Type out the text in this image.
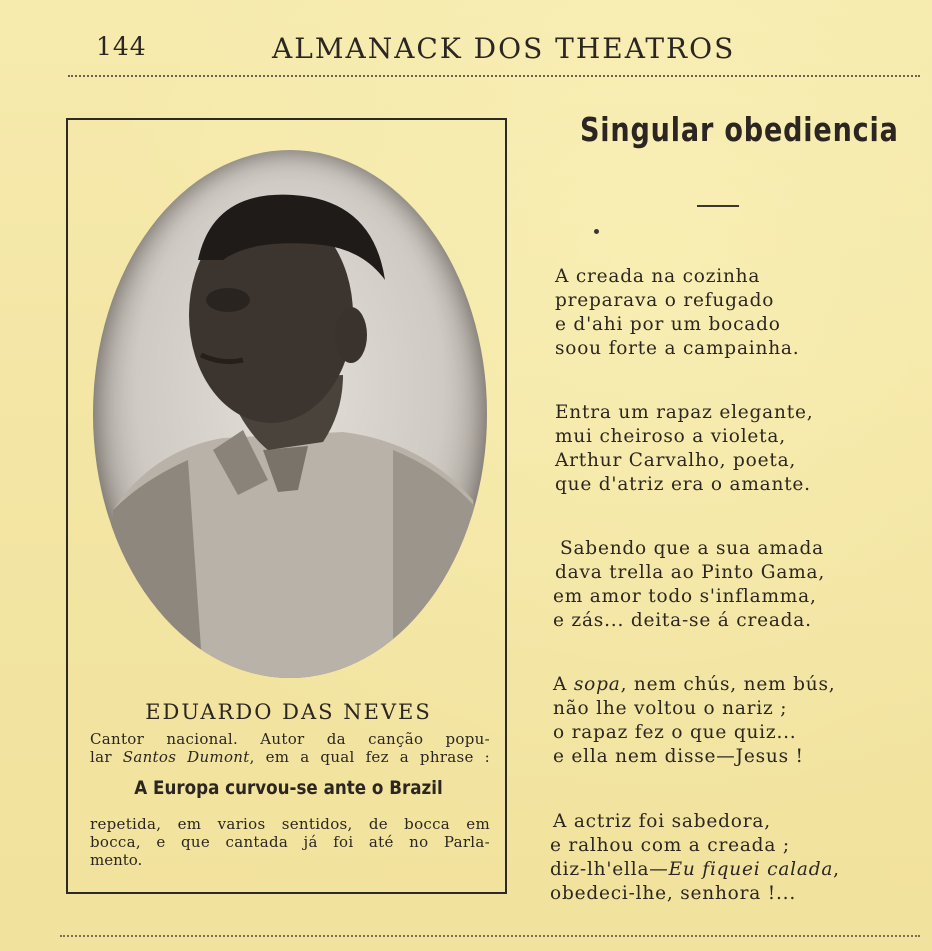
144	ALMANACK DOS THEATROS
EDUARDO DAS NEVES
Cantor nacional. Autor da canção popu-
lar Santos Dumont, em a qual fez a phrase :
A Europa curvou-se ante o Brazil
repetida, em varios sentidos, de bocca em
bocca, e que cantada já foi até no Parla-
mento.
Singular obediencia
A creada na cozinha
preparava o refugado
e d'ahi por um bocado
soou forte a campainha.
Entra um rapaz elegante,
mui cheiroso a violeta,
Arthur Carvalho, poeta,
que d'atriz era o amante.
Sabendo que a sua amada
dava trella ao Pinto Gama,
em amor todo s'inflamma,
e zás... deita-se á creada.
A sopa, nem chús, nem bús,
não lhe voltou o nariz ;
o rapaz fez o que quiz...
e ella nem disse—Jesus !
A actriz foi sabedora,
e ralhou com a creada ;
diz-lh'ella—Eu fiquei calada,
obedeci-lhe, senhora !...
